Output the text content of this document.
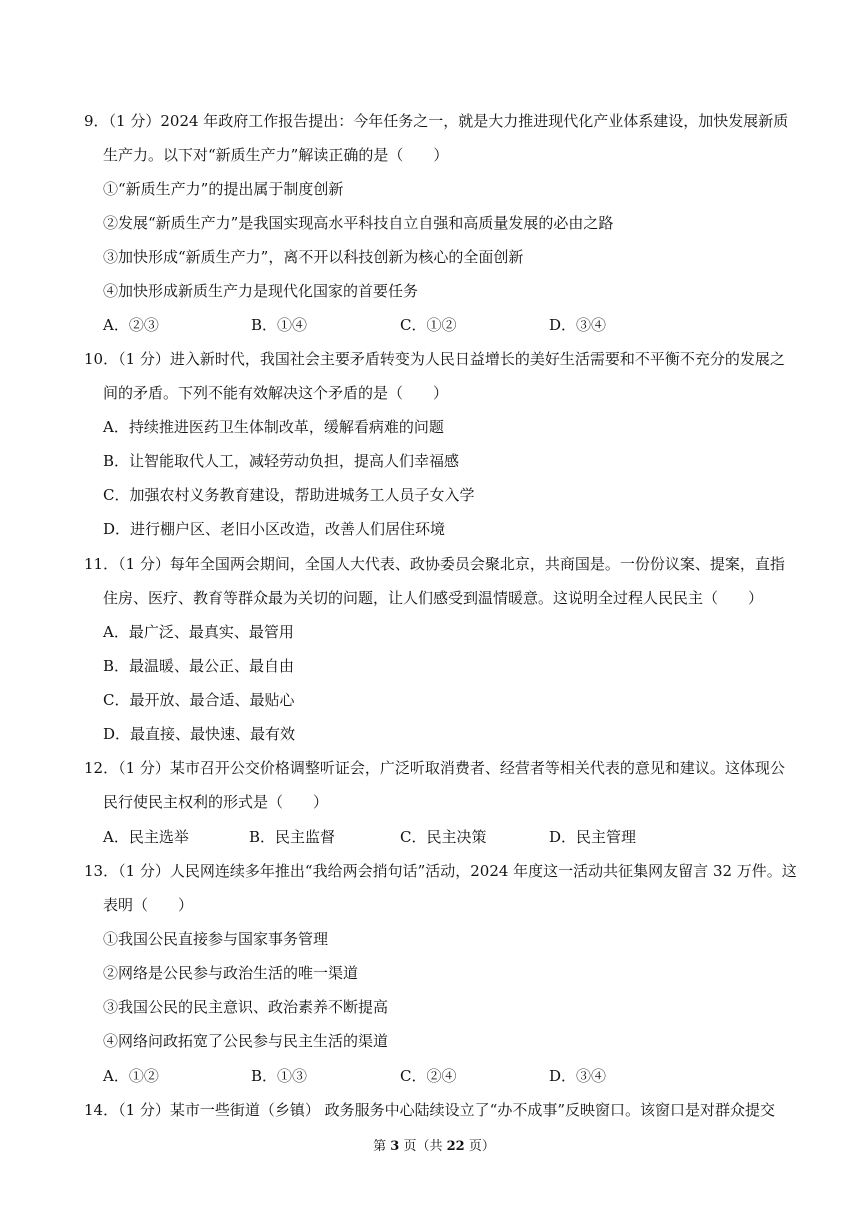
9．（1 分）2024 年政府工作报告提出：今年任务之一，就是大力推进现代化产业体系建设，加快发展新质
生产力。以下对“新质生产力”解读正确的是（　　）
①“新质生产力”的提出属于制度创新
②发展“新质生产力”是我国实现高水平科技自立自强和高质量发展的必由之路
③加快形成“新质生产力”，离不开以科技创新为核心的全面创新
④加快形成新质生产力是现代化国家的首要任务
A．②③	B．①④	C．①②	D．③④
10．（1 分）进入新时代，我国社会主要矛盾转变为人民日益增长的美好生活需要和不平衡不充分的发展之
间的矛盾。下列不能有效解决这个矛盾的是（　　）
A．持续推进医药卫生体制改革，缓解看病难的问题
B．让智能取代人工，减轻劳动负担，提高人们幸福感
C．加强农村义务教育建设，帮助进城务工人员子女入学
D．进行棚户区、老旧小区改造，改善人们居住环境
11．（1 分）每年全国两会期间，全国人大代表、政协委员会聚北京，共商国是。一份份议案、提案，直指
住房、医疗、教育等群众最为关切的问题，让人们感受到温情暖意。这说明全过程人民民主（　　）
A．最广泛、最真实、最管用
B．最温暖、最公正、最自由
C．最开放、最合适、最贴心
D．最直接、最快速、最有效
12．（1 分）某市召开公交价格调整听证会，广泛听取消费者、经营者等相关代表的意见和建议。这体现公
民行使民主权利的形式是（　　）
A．民主选举	B．民主监督	C．民主决策	D．民主管理
13．（1 分）人民网连续多年推出“我给两会捎句话”活动，2024 年度这一活动共征集网友留言 32 万件。这
表明（　　）
①我国公民直接参与国家事务管理
②网络是公民参与政治生活的唯一渠道
③我国公民的民主意识、政治素养不断提高
④网络问政拓宽了公民参与民主生活的渠道
A．①②	B．①③	C．②④	D．③④
14．（1 分）某市一些街道（乡镇） 政务服务中心陆续设立了“办不成事”反映窗口。该窗口是对群众提交
第 3 页（共 22 页）
